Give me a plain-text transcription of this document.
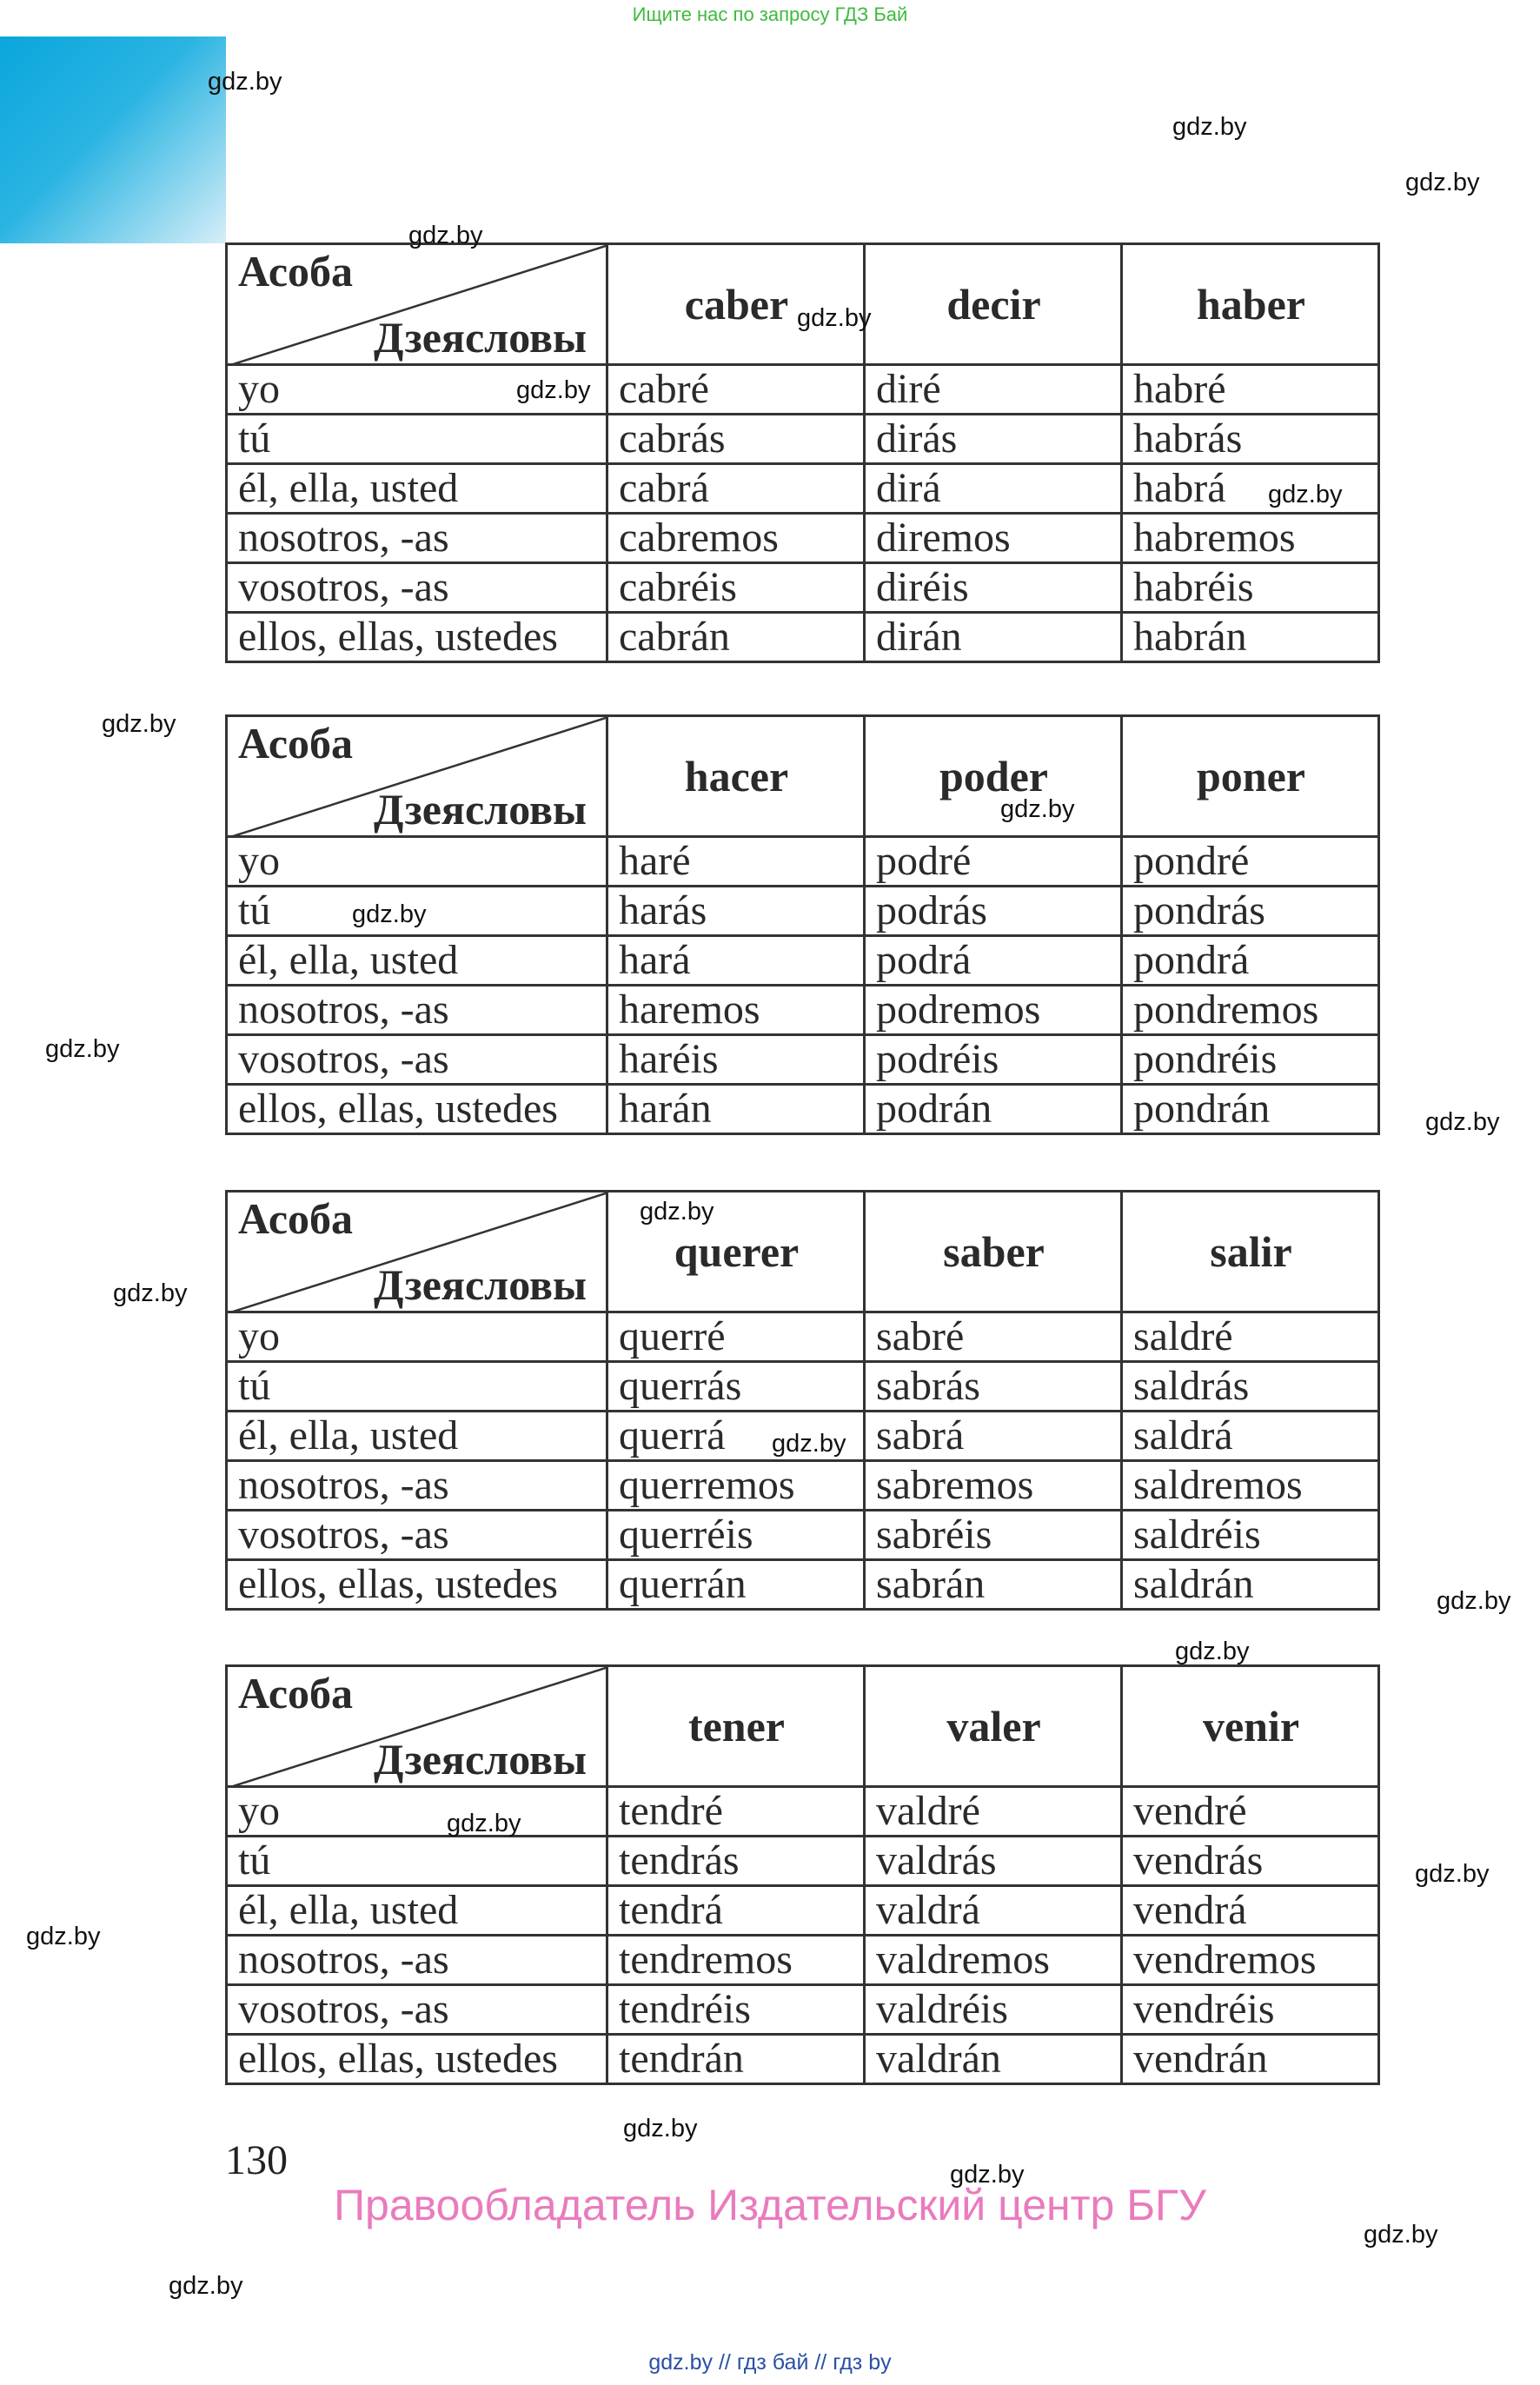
Ищите нас по запросу ГДЗ Бай
gdz.by
gdz.by
gdz.by
gdz.by
gdz.by
gdz.by
gdz.by
gdz.by
gdz.by
gdz.by
gdz.by
gdz.by
gdz.by
gdz.by
gdz.by
gdz.by
gdz.by
gdz.by
gdz.by
gdz.by
gdz.by
gdz.by
gdz.by
gdz.by
Асоба
Дзеясловы	caber	decir	haber
yo	cabré	diré	habré
tú	cabrás	dirás	habrás
él, ella, usted	cabrá	dirá	habrá
nosotros, -as	cabremos	diremos	habremos
vosotros, -as	cabréis	diréis	habréis
ellos, ellas, ustedes	cabrán	dirán	habrán
Асоба
Дзеясловы	hacer	poder	poner
yo	haré	podré	pondré
tú	harás	podrás	pondrás
él, ella, usted	hará	podrá	pondrá
nosotros, -as	haremos	podremos	pondremos
vosotros, -as	haréis	podréis	pondréis
ellos, ellas, ustedes	harán	podrán	pondrán
Асоба
Дзеясловы	querer	saber	salir
yo	querré	sabré	saldré
tú	querrás	sabrás	saldrás
él, ella, usted	querrá	sabrá	saldrá
nosotros, -as	querremos	sabremos	saldremos
vosotros, -as	querréis	sabréis	saldréis
ellos, ellas, ustedes	querrán	sabrán	saldrán
Асоба
Дзеясловы	tener	valer	venir
yo	tendré	valdré	vendré
tú	tendrás	valdrás	vendrás
él, ella, usted	tendrá	valdrá	vendrá
nosotros, -as	tendremos	valdremos	vendremos
vosotros, -as	tendréis	valdréis	vendréis
ellos, ellas, ustedes	tendrán	valdrán	vendrán
130
Правообладатель Издательский центр БГУ
gdz.by // гдз бай // гдз by
